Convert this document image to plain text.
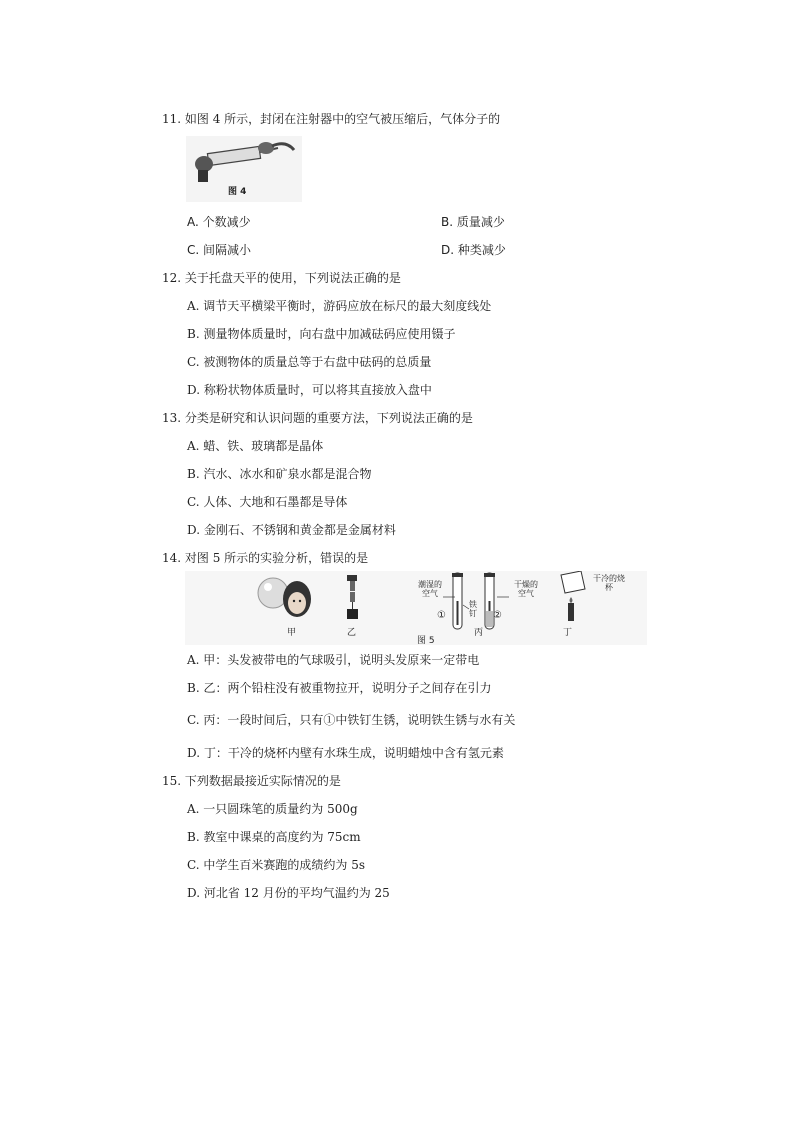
11. 如图 4 所示，封闭在注射器中的空气被压缩后，气体分子的
图 4
A. 个数减少	B. 质量减少
C. 间隔减小	D. 种类减少
12. 关于托盘天平的使用，下列说法正确的是
A. 调节天平横梁平衡时，游码应放在标尺的最大刻度线处
B. 测量物体质量时，向右盘中加减砝码应使用镊子
C. 被测物体的质量总等于右盘中砝码的总质量
D. 称粉状物体质量时，可以将其直接放入盘中
13. 分类是研究和认识问题的重要方法，下列说法正确的是
A. 蜡、铁、玻璃都是晶体
B. 汽水、冰水和矿泉水都是混合物
C. 人体、大地和石墨都是导体
D. 金刚石、不锈钢和黄金都是金属材料
14. 对图 5 所示的实验分析，错误的是
潮湿的空气
干燥的空气
铁钉
①	②
干冷的烧杯
甲	乙	丙	丁
图 5
A. 甲：头发被带电的气球吸引，说明头发原来一定带电
B. 乙：两个铅柱没有被重物拉开，说明分子之间存在引力
C. 丙：一段时间后，只有①中铁钉生锈，说明铁生锈与水有关
D. 丁：干冷的烧杯内壁有水珠生成，说明蜡烛中含有氢元素
15. 下列数据最接近实际情况的是
A. 一只圆珠笔的质量约为 500g
B. 教室中课桌的高度约为 75cm
C. 中学生百米赛跑的成绩约为 5s
D. 河北省 12 月份的平均气温约为 25
